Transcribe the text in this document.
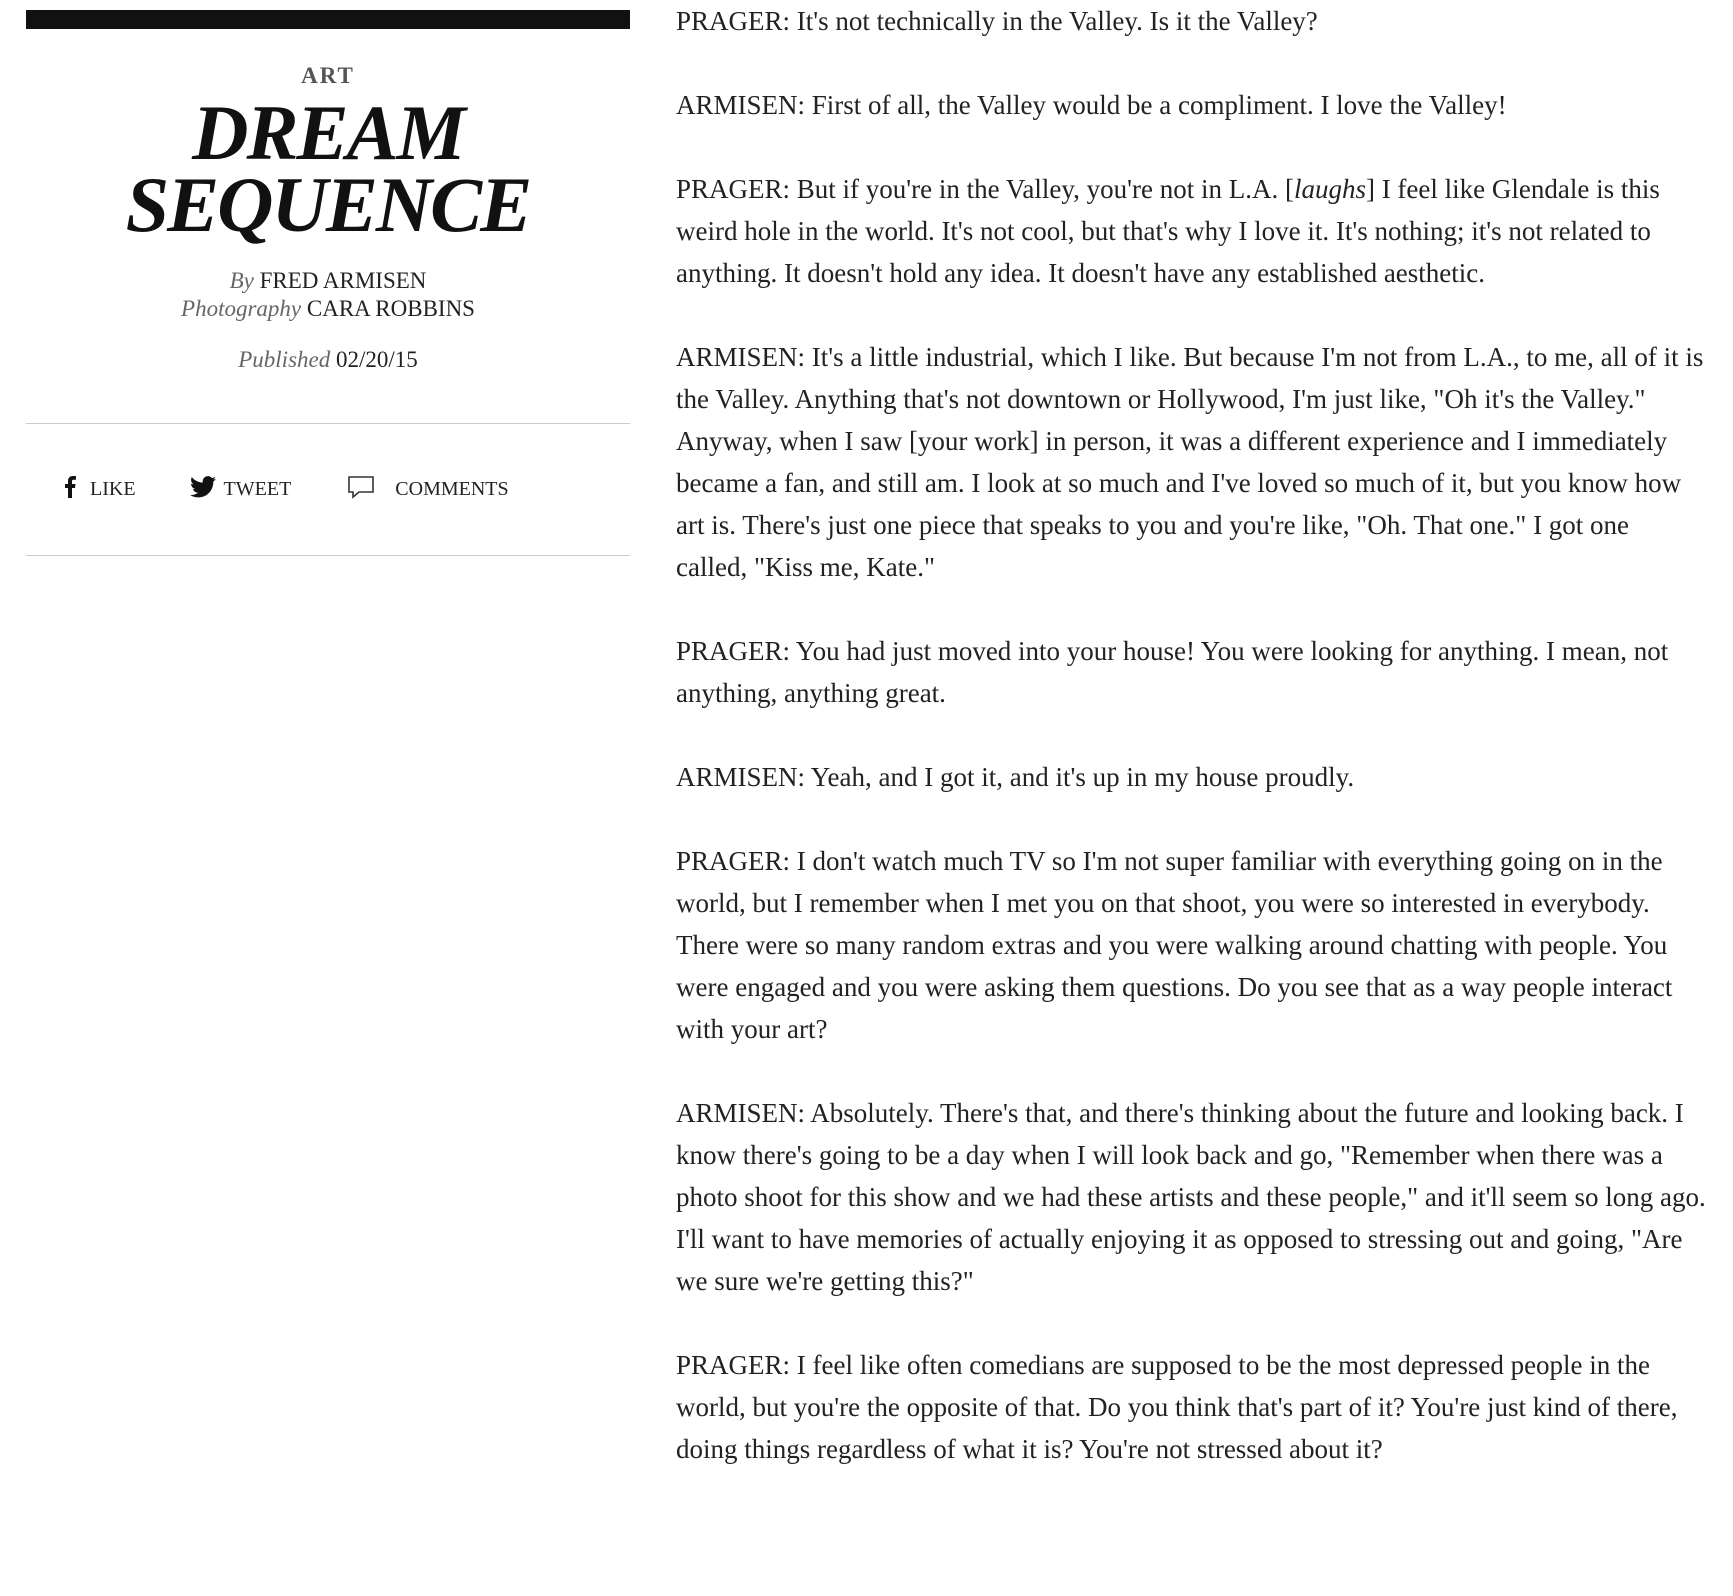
ART
DREAM
SEQUENCE
By FRED ARMISEN
Photography CARA ROBBINS
Published 02/20/15
LIKE	TWEET	COMMENTS

PRAGER : It's not technically in the Valley. Is it the Valley?

ARMISEN : First of all, the Valley would be a compliment. I love the Valley!

PRAGER : But if you're in the Valley, you're not in L.A. [laughs] I feel like Glendale is this weird hole in the world. It's not cool, but that's why I love it. It's nothing; it's not related to anything. It doesn't hold any idea. It doesn't have any established aesthetic.

ARMISEN : It's a little industrial, which I like. But because I'm not from L.A., to me, all of it is the Valley. Anything that's not downtown or Hollywood, I'm just like, "Oh it's the Valley." Anyway, when I saw [your work] in person, it was a different experience and I immediately became a fan, and still am. I look at so much and I've loved so much of it, but you know how art is. There's just one piece that speaks to you and you're like, "Oh. That one." I got one called, "Kiss me, Kate."

PRAGER : You had just moved into your house! You were looking for anything. I mean, not anything, anything great.

ARMISEN : Yeah, and I got it, and it's up in my house proudly.

PRAGER : I don't watch much TV so I'm not super familiar with everything going on in the world, but I remember when I met you on that shoot, you were so interested in everybody. There were so many random extras and you were walking around chatting with people. You were engaged and you were asking them questions. Do you see that as a way people interact with your art?

ARMISEN : Absolutely. There's that, and there's thinking about the future and looking back. I know there's going to be a day when I will look back and go, "Remember when there was a photo shoot for this show and we had these artists and these people," and it'll seem so long ago. I'll want to have memories of actually enjoying it as opposed to stressing out and going, "Are we sure we're getting this?"

PRAGER : I feel like often comedians are supposed to be the most depressed people in the world, but you're the opposite of that. Do you think that's part of it? You're just kind of there, doing things regardless of what it is? You're not stressed about it?
